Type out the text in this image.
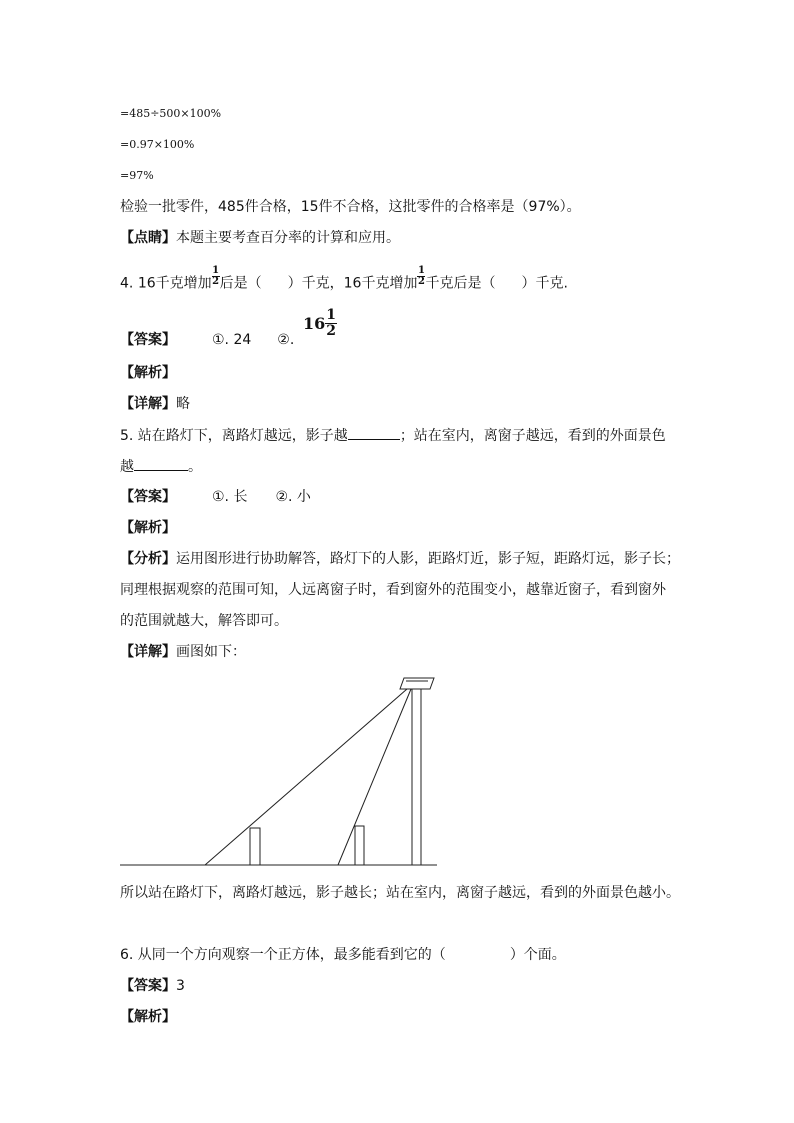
=485÷500×100%
=0.97×100%
=97%
检验一批零件，485件合格，15件不合格，这批零件的合格率是（97%）。
【点睛】本题主要考查百分率的计算和应用。
4. 16千克增加 $\frac{1}{2}$ 后是（ ）千克，16千克增加 $\frac{1}{2}$ 千克后是（ ）千克.
【答案】	①. 24 ②.
$16 \frac{1}{2}$
【解析】
【详解】略
5. 站在路灯下，离路灯越远，影子越	；站在室内，离窗子越远，看到的外面景色
越	。
【答案】	①. 长 ②. 小
【解析】
【分析】运用图形进行协助解答，路灯下的人影，距路灯近，影子短，距路灯远，影子长；
同理根据观察的范围可知，人远离窗子时，看到窗外的范围变小，越靠近窗子，看到窗外
的范围就越大，解答即可。
【详解】画图如下：
所以站在路灯下，离路灯越远，影子越长；站在室内，离窗子越远，看到的外面景色越小。
6. 从同一个方向观察一个正方体，最多能看到它的（	）个面。
【答案】3
【解析】
